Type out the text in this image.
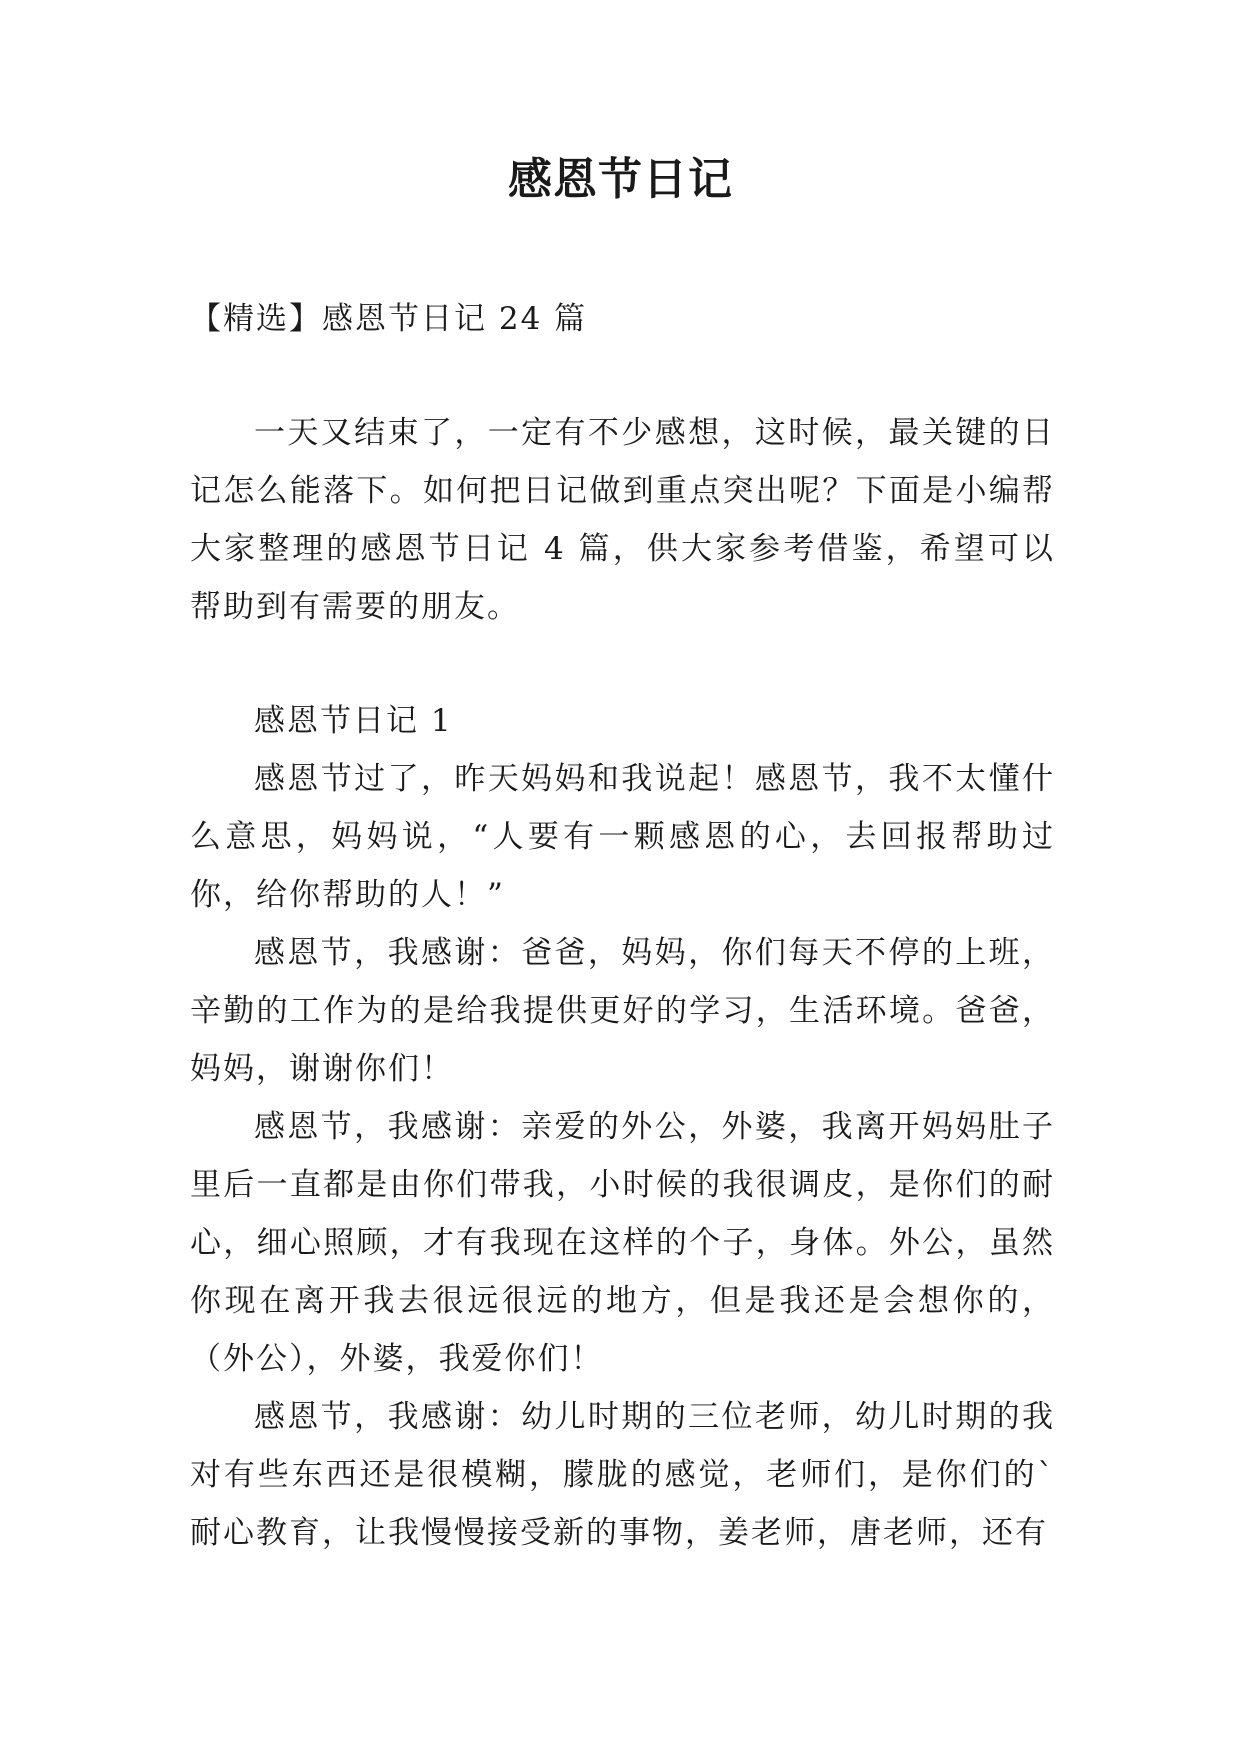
感恩节日记

【精选】感恩节日记 24 篇

一天又结束了，一定有不少感想，这时候，最关键的日记怎么能落下。如何把日记做到重点突出呢？下面是小编帮大家整理的感恩节日记 4 篇，供大家参考借鉴，希望可以帮助到有需要的朋友。

感恩节日记 1

感恩节过了，昨天妈妈和我说起！感恩节，我不太懂什么意思，妈妈说，“人要有一颗感恩的心，去回报帮助过你，给你帮助的人！”

感恩节，我感谢：爸爸，妈妈，你们每天不停的上班，辛勤的工作为的是给我提供更好的学习，生活环境。爸爸，妈妈，谢谢你们！

感恩节，我感谢：亲爱的外公，外婆，我离开妈妈肚子里后一直都是由你们带我，小时候的我很调皮，是你们的耐心，细心照顾，才有我现在这样的个子，身体。外公，虽然你现在离开我去很远很远的地方，但是我还是会想你的，（外公），外婆，我爱你们！

感恩节，我感谢：幼儿时期的三位老师，幼儿时期的我对有些东西还是很模糊，朦胧的感觉，老师们，是你们的`耐心教育，让我慢慢接受新的事物，姜老师，唐老师，还有
